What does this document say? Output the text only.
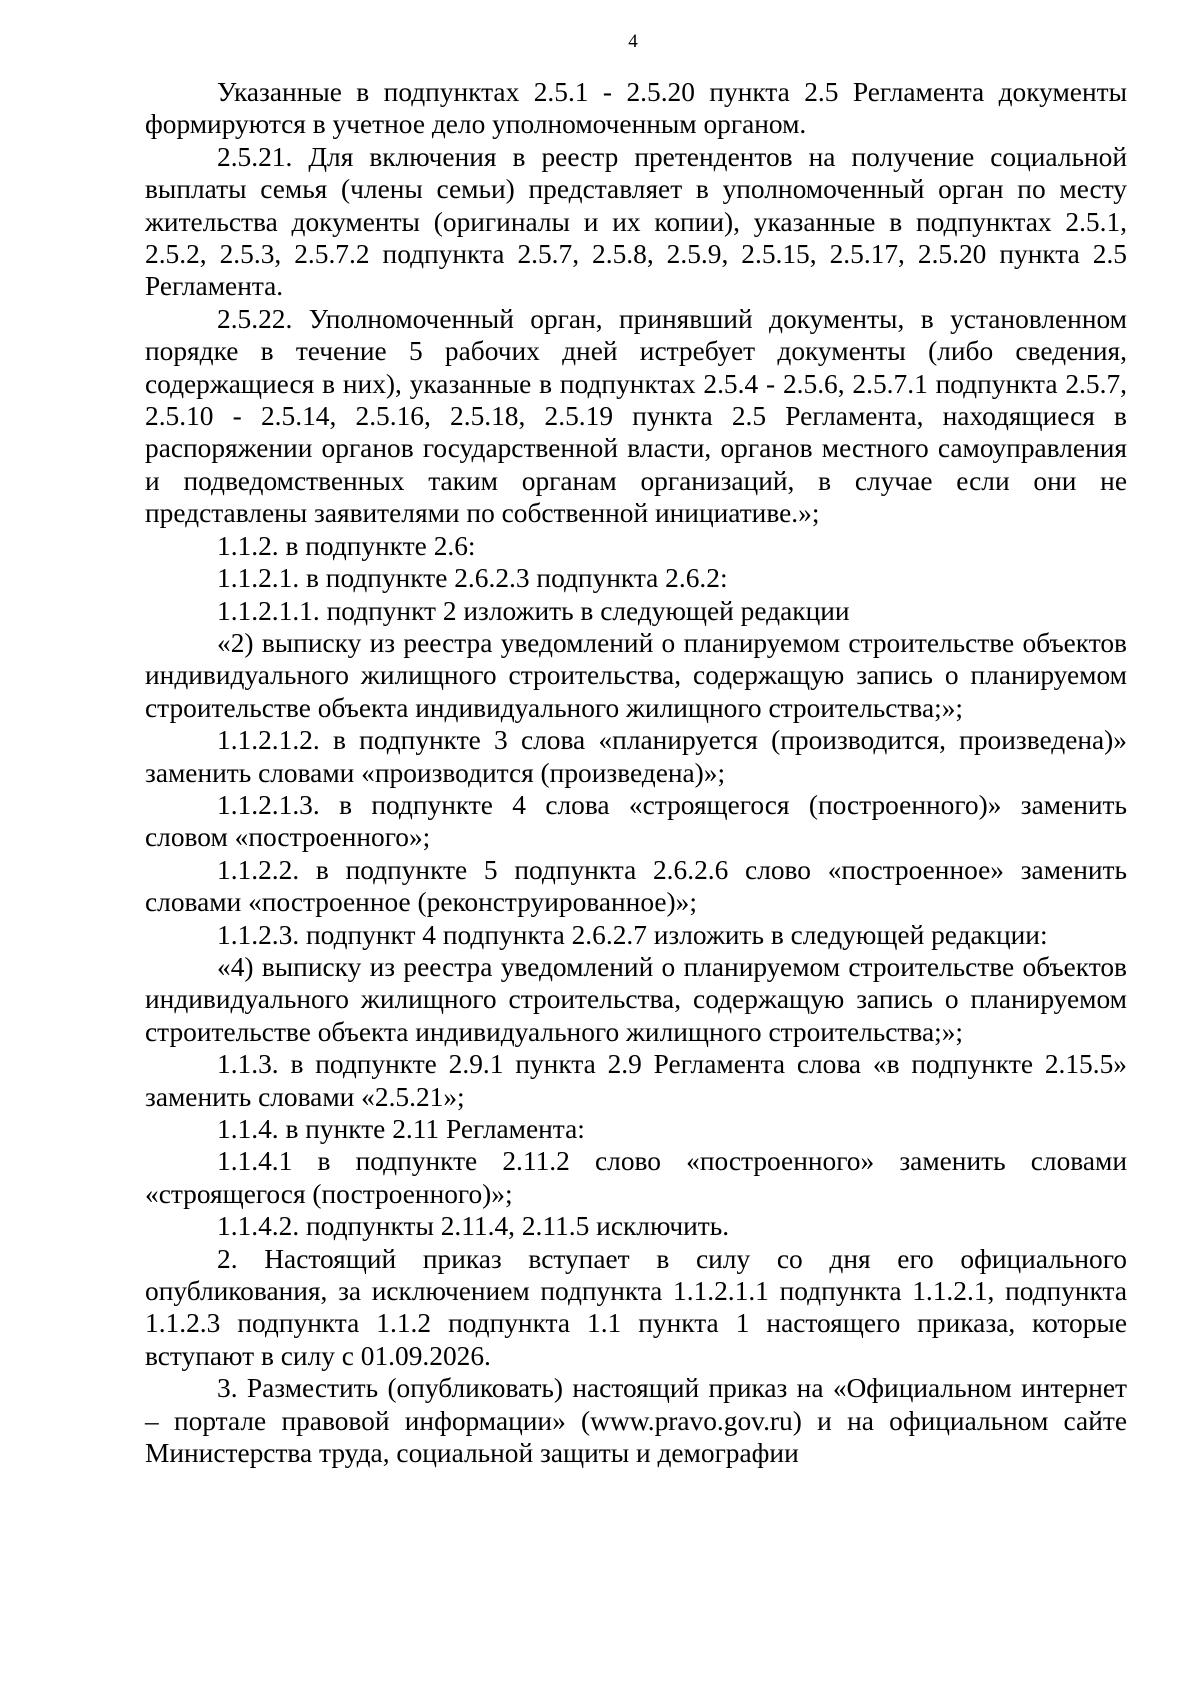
4

Указанные в подпунктах 2.5.1 - 2.5.20 пункта 2.5 Регламента документы формируются в учетное дело уполномоченным органом.

2.5.21. Для включения в реестр претендентов на получение социальной выплаты семья (члены семьи) представляет в уполномоченный орган по месту жительства документы (оригиналы и их копии), указанные в подпунктах 2.5.1, 2.5.2, 2.5.3, 2.5.7.2 подпункта 2.5.7, 2.5.8, 2.5.9, 2.5.15, 2.5.17, 2.5.20 пункта 2.5 Регламента.

2.5.22. Уполномоченный орган, принявший документы, в установленном порядке в течение 5 рабочих дней истребует документы (либо сведения, содержащиеся в них), указанные в подпунктах 2.5.4 - 2.5.6, 2.5.7.1 подпункта 2.5.7, 2.5.10 - 2.5.14, 2.5.16, 2.5.18, 2.5.19 пункта 2.5 Регламента, находящиеся в распоряжении органов государственной власти, органов местного самоуправления и подведомственных таким органам организаций, в случае если они не представлены заявителями по собственной инициативе.»;

1.1.2. в подпункте 2.6:

1.1.2.1. в подпункте 2.6.2.3 подпункта 2.6.2:

1.1.2.1.1. подпункт 2 изложить в следующей редакции

«2) выписку из реестра уведомлений о планируемом строительстве объектов индивидуального жилищного строительства, содержащую запись о планируемом строительстве объекта индивидуального жилищного строительства;»;

1.1.2.1.2. в подпункте 3 слова «планируется (производится, произведена)» заменить словами «производится (произведена)»;

1.1.2.1.3. в подпункте 4 слова «строящегося (построенного)» заменить словом «построенного»;

1.1.2.2. в подпункте 5 подпункта 2.6.2.6 слово «построенное» заменить словами «построенное (реконструированное)»;

1.1.2.3. подпункт 4 подпункта 2.6.2.7 изложить в следующей редакции:

«4) выписку из реестра уведомлений о планируемом строительстве объектов индивидуального жилищного строительства, содержащую запись о планируемом строительстве объекта индивидуального жилищного строительства;»;

1.1.3. в подпункте 2.9.1 пункта 2.9 Регламента слова «в подпункте 2.15.5» заменить словами «2.5.21»;

1.1.4. в пункте 2.11 Регламента:

1.1.4.1 в подпункте 2.11.2 слово «построенного» заменить словами «строящегося (построенного)»;

1.1.4.2. подпункты 2.11.4, 2.11.5 исключить.

2. Настоящий приказ вступает в силу со дня его официального опубликования, за исключением подпункта 1.1.2.1.1 подпункта 1.1.2.1, подпункта 1.1.2.3 подпункта 1.1.2 подпункта 1.1 пункта 1 настоящего приказа, которые вступают в силу с 01.09.2026.

3. Разместить (опубликовать) настоящий приказ на «Официальном интернет – портале правовой информации» (www.pravo.gov.ru) и на официальном сайте Министерства труда, социальной защиты и демографии
